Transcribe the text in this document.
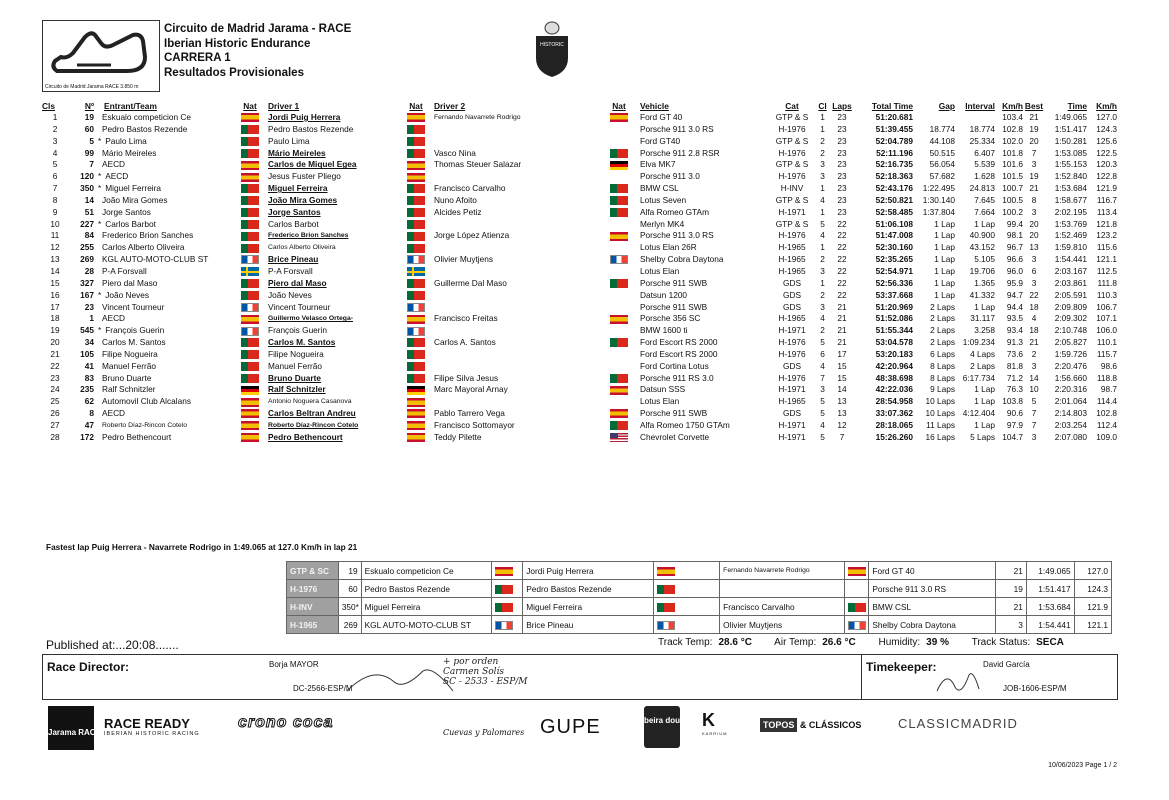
Circuito de Madrid Jarama RACE 3.850 m
Circuito de Madrid Jarama - RACE
Iberian Historic Endurance
CARRERA 1
Resultados Provisionales
HISTORIC
Cls	Nº	Entrant/Team	Nat	Driver 1	Nat	Driver 2	Nat	Vehicle	Cat	Cl	Laps	Total Time	Gap	Interval	Km/h	Best	Time	Km/h
1	19	Eskualo competicion Ce		Jordi Puig Herrera		Fernando Navarrete Rodrigo		Ford GT 40	GTP & S	1	23	51:20.681			103.4	21	1:49.065	127.0
2	60	Pedro Bastos Rezende		Pedro Bastos Rezende				Porsche 911 3.0 RS	H-1976	1	23	51:39.455	18.774	18.774	102.8	19	1:51.417	124.3
3	5	* Paulo Lima		Paulo Lima				Ford GT40	GTP & S	2	23	52:04.789	44.108	25.334	102.0	20	1:50.281	125.6
4	99	Mário Meireles		Mário Meireles		Vasco Nina		Porsche 911 2.8 RSR	H-1976	2	23	52:11.196	50.515	6.407	101.8	7	1:53.085	122.5
5	7	AECD		Carlos de Miquel Egea		Thomas Steuer Salazar		Elva MK7	GTP & S	3	23	52:16.735	56.054	5.539	101.6	3	1:55.153	120.3
6	120	* AECD		Jesus Fuster Pliego				Porsche 911 3.0	H-1976	3	23	52:18.363	57.682	1.628	101.5	19	1:52.840	122.8
7	350	* Miguel Ferreira		Miguel Ferreira		Francisco Carvalho		BMW CSL	H-INV	1	23	52:43.176	1:22.495	24.813	100.7	21	1:53.684	121.9
8	14	João Mira Gomes		João Mira Gomes		Nuno Afoito		Lotus Seven	GTP & S	4	23	52:50.821	1:30.140	7.645	100.5	8	1:58.677	116.7
9	51	Jorge Santos		Jorge Santos		Alcides Petiz		Alfa Romeo GTAm	H-1971	1	23	52:58.485	1:37.804	7.664	100.2	3	2:02.195	113.4
10	227	* Carlos Barbot		Carlos Barbot				Merlyn MK4	GTP & S	5	22	51:06.108	1 Lap	1 Lap	99.4	20	1:53.769	121.8
11	84	Frederico Brion Sanches		Frederico Brion Sanches		Jorge López Atienza		Porsche 911 3.0 RS	H-1976	4	22	51:47.008	1 Lap	40.900	98.1	20	1:52.469	123.2
12	255	Carlos Alberto Oliveira		Carlos Alberto Oliveira				Lotus Elan 26R	H-1965	1	22	52:30.160	1 Lap	43.152	96.7	13	1:59.810	115.6
13	269	KGL AUTO-MOTO-CLUB ST		Brice Pineau		Olivier Muytjens		Shelby Cobra Daytona	H-1965	2	22	52:35.265	1 Lap	5.105	96.6	3	1:54.441	121.1
14	28	P-A Forsvall		P-A Forsvall				Lotus Elan	H-1965	3	22	52:54.971	1 Lap	19.706	96.0	6	2:03.167	112.5
15	327	Piero dal Maso		Piero dal Maso		Guillerme Dal Maso		Porsche 911 SWB	GDS	1	22	52:56.336	1 Lap	1.365	95.9	3	2:03.861	111.8
16	167	* João Neves		João Neves				Datsun 1200	GDS	2	22	53:37.668	1 Lap	41.332	94.7	22	2:05.591	110.3
17	23	Vincent Tourneur		Vincent Tourneur				Porsche 911 SWB	GDS	3	21	51:20.969	2 Laps	1 Lap	94.4	18	2:09.809	106.7
18	1	AECD		Guillermo Velasco Ortega-		Francisco Freitas		Porsche 356 SC	H-1965	4	21	51:52.086	2 Laps	31.117	93.5	4	2:09.302	107.1
19	545	* François Guerin		François Guerin				BMW 1600 ti	H-1971	2	21	51:55.344	2 Laps	3.258	93.4	18	2:10.748	106.0
20	34	Carlos M. Santos		Carlos M. Santos		Carlos A. Santos		Ford Escort RS 2000	H-1976	5	21	53:04.578	2 Laps	1:09.234	91.3	21	2:05.827	110.1
21	105	Filipe Nogueira		Filipe Nogueira				Ford Escort RS 2000	H-1976	6	17	53:20.183	6 Laps	4 Laps	73.6	2	1:59.726	115.7
22	41	Manuel Ferrão		Manuel Ferrão				Ford Cortina Lotus	GDS	4	15	42:20.964	8 Laps	2 Laps	81.8	3	2:20.476	98.6
23	83	Bruno Duarte		Bruno Duarte		Filipe Silva Jesus		Porsche 911 RS 3.0	H-1976	7	15	48:38.698	8 Laps	6:17.734	71.2	14	1:56.660	118.8
24	235	Ralf Schnitzler		Ralf Schnitzler		Marc Mayoral Arnay		Datsun SSS	H-1971	3	14	42:22.036	9 Laps	1 Lap	76.3	10	2:20.316	98.7
25	62	Automovil Club Alcalans		Antonio Noguera Casanova				Lotus Elan	H-1965	5	13	28:54.958	10 Laps	1 Lap	103.8	5	2:01.064	114.4
26	8	AECD		Carlos Beltran Andreu		Pablo Tarrero Vega		Porsche 911 SWB	GDS	5	13	33:07.362	10 Laps	4:12.404	90.6	7	2:14.803	102.8
27	47	Roberto Díaz-Rincon Cotelo		Roberto Díaz-Rincon Cotelo		Francisco Sottomayor		Alfa Romeo 1750 GTAm	H-1971	4	12	28:18.065	11 Laps	1 Lap	97.9	7	2:03.254	112.4
28	172	Pedro Bethencourt		Pedro Bethencourt		Teddy Pilette		Chevrolet Corvette	H-1971	5	7	15:26.260	16 Laps	5 Laps	104.7	3	2:07.080	109.0
Fastest lap Puig Herrera - Navarrete Rodrigo in 1:49.065 at 127.0 Km/h in lap 21
GTP & SC	19	Eskualo competicion Ce		Jordi Puig Herrera		Fernando Navarrete Rodrigo		Ford GT 40	21	1:49.065	127.0
H-1976	60	Pedro Bastos Rezende		Pedro Bastos Rezende				Porsche 911 3.0 RS	19	1:51.417	124.3
H-INV	350*	Miguel Ferreira		Miguel Ferreira		Francisco Carvalho		BMW CSL	21	1:53.684	121.9
H-1965	269	KGL AUTO-MOTO-CLUB ST		Brice Pineau		Olivier Muytjens		Shelby Cobra Daytona	3	1:54.441	121.1
Published at:...20:08.......	Track Temp: 28.6 °C Air Temp: 26.6 °C Humidity: 39 % Track Status: SECA
Race Director:	Borja MAYOR
DC-2566-ESP/M
+ por orden
Carmen Solís
SC - 2533 - ESP/M
Timekeeper:	David García
JOB-1606-ESP/M
Jarama RACE
RACE READY
IBERIAN HISTORIC RACING
crono coca
Cuevas y Palomares GUPE	beira douro K
KARRIUM
TOPOS & CLÁSSICOS	CLASSICMADRID
10/06/2023 Page 1 / 2
